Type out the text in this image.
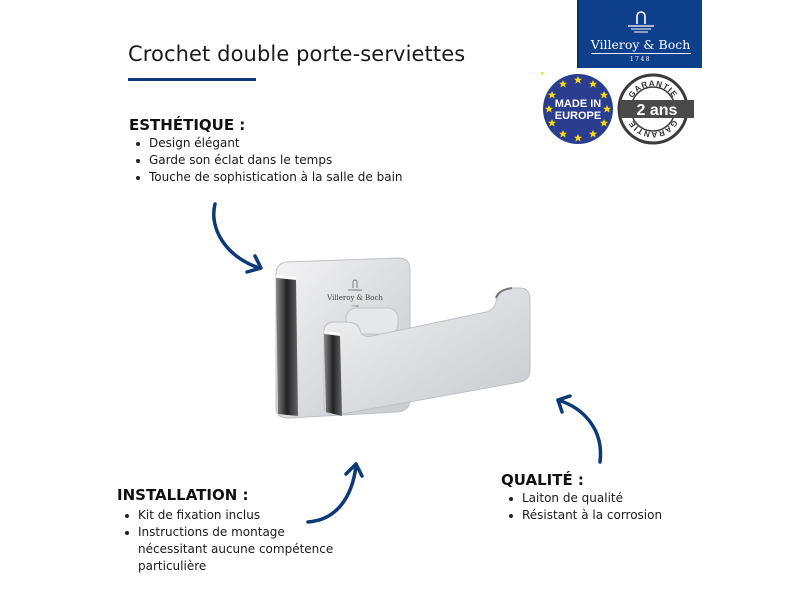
Crochet double porte-serviettes	Villeroy & Boch
1748
MADE IN
EUROPE
GARANTIE
GARANTIE
2 ans
ESTHÉTIQUE :
Design élégant
Garde son éclat dans le temps
Touche de sophistication à la salle de bain
Villeroy & Boch
1748
INSTALLATION :
Kit de fixation inclus
Instructions de montage
nécessitant aucune compétence
particulière
QUALITÉ :
Laiton de qualité
Résistant à la corrosion
